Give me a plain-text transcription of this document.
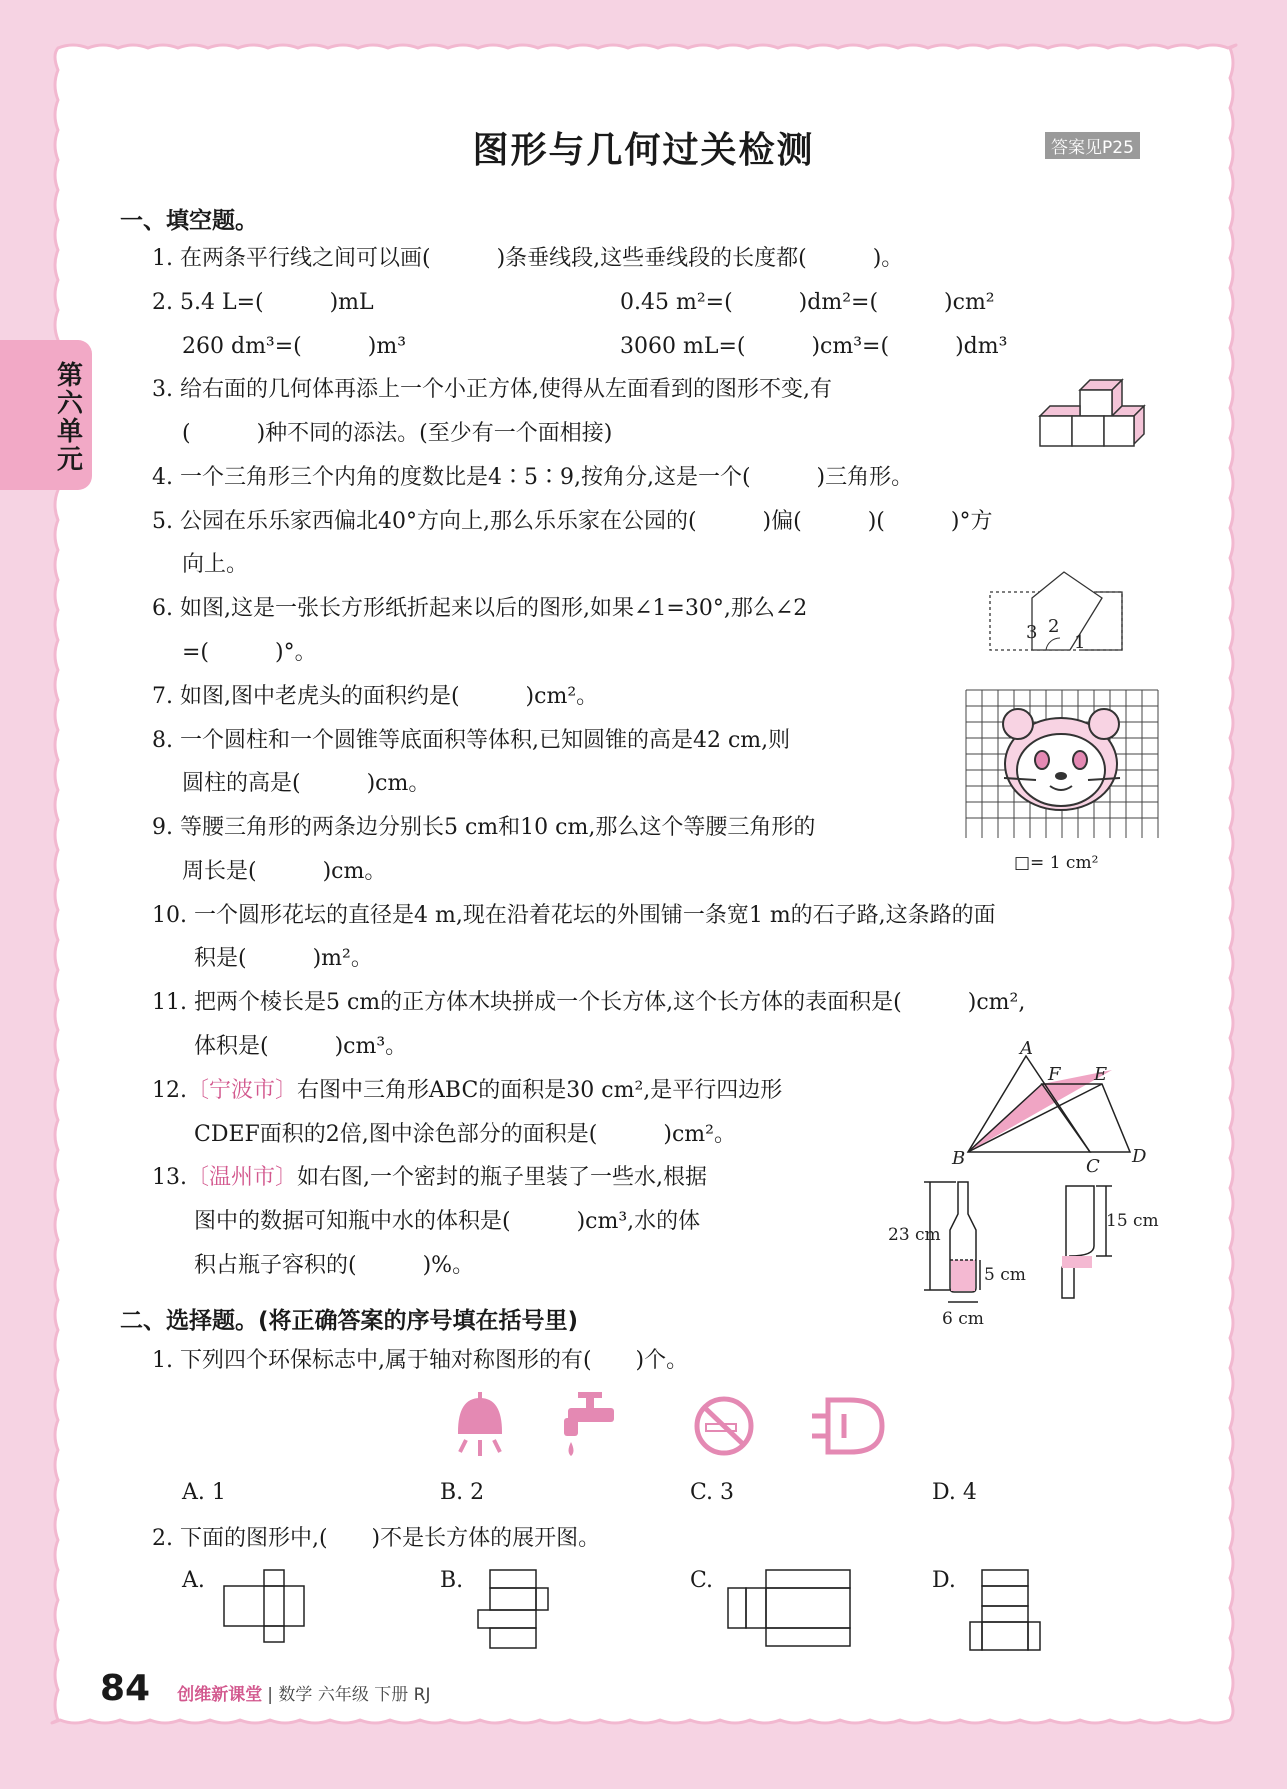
第六单元
图形与几何过关检测	答案见P25
一、填空题。
1. 在两条平行线之间可以画(　　　)条垂线段,这些垂线段的长度都(　　　)。
2. 5.4 L=(　　　)mL	0.45 m²=(　　　)dm²=(　　　)cm²
260 dm³=(　　　)m³	3060 mL=(　　　)cm³=(　　　)dm³
3. 给右面的几何体再添上一个小正方体,使得从左面看到的图形不变,有
(　　　)种不同的添法。(至少有一个面相接)
4. 一个三角形三个内角的度数比是4∶5∶9,按角分,这是一个(　　　)三角形。
5. 公园在乐乐家西偏北40°方向上,那么乐乐家在公园的(　　　)偏(　　　)(　　　)°方
向上。
6. 如图,这是一张长方形纸折起来以后的图形,如果∠1=30°,那么∠2
=(　　　)°。
7. 如图,图中老虎头的面积约是(　　　)cm²。
8. 一个圆柱和一个圆锥等底面积等体积,已知圆锥的高是42 cm,则
圆柱的高是(　　　)cm。
9. 等腰三角形的两条边分别长5 cm和10 cm,那么这个等腰三角形的
周长是(　　　)cm。
10. 一个圆形花坛的直径是4 m,现在沿着花坛的外围铺一条宽1 m的石子路,这条路的面
积是(　　　)m²。
11. 把两个棱长是5 cm的正方体木块拼成一个长方体,这个长方体的表面积是(　　　)cm²,
体积是(　　　)cm³。
12.〔宁波市〕右图中三角形ABC的面积是30 cm²,是平行四边形
CDEF面积的2倍,图中涂色部分的面积是(　　　)cm²。
13.〔温州市〕如右图,一个密封的瓶子里装了一些水,根据
图中的数据可知瓶中水的体积是(　　　)cm³,水的体
积占瓶子容积的(　　　)%。
二、选择题。(将正确答案的序号填在括号里)
1. 下列四个环保标志中,属于轴对称图形的有(　　)个。
A. 1	B. 2	C. 3	D. 4
2. 下面的图形中,(　　)不是长方体的展开图。
A.	B.	C.	D.
3 2
1
□= 1 cm²
A
B	C D
E
F
23 cm
5 cm
6 cm
15 cm
84 创维新课堂 | 数学 六年级 下册 RJ
